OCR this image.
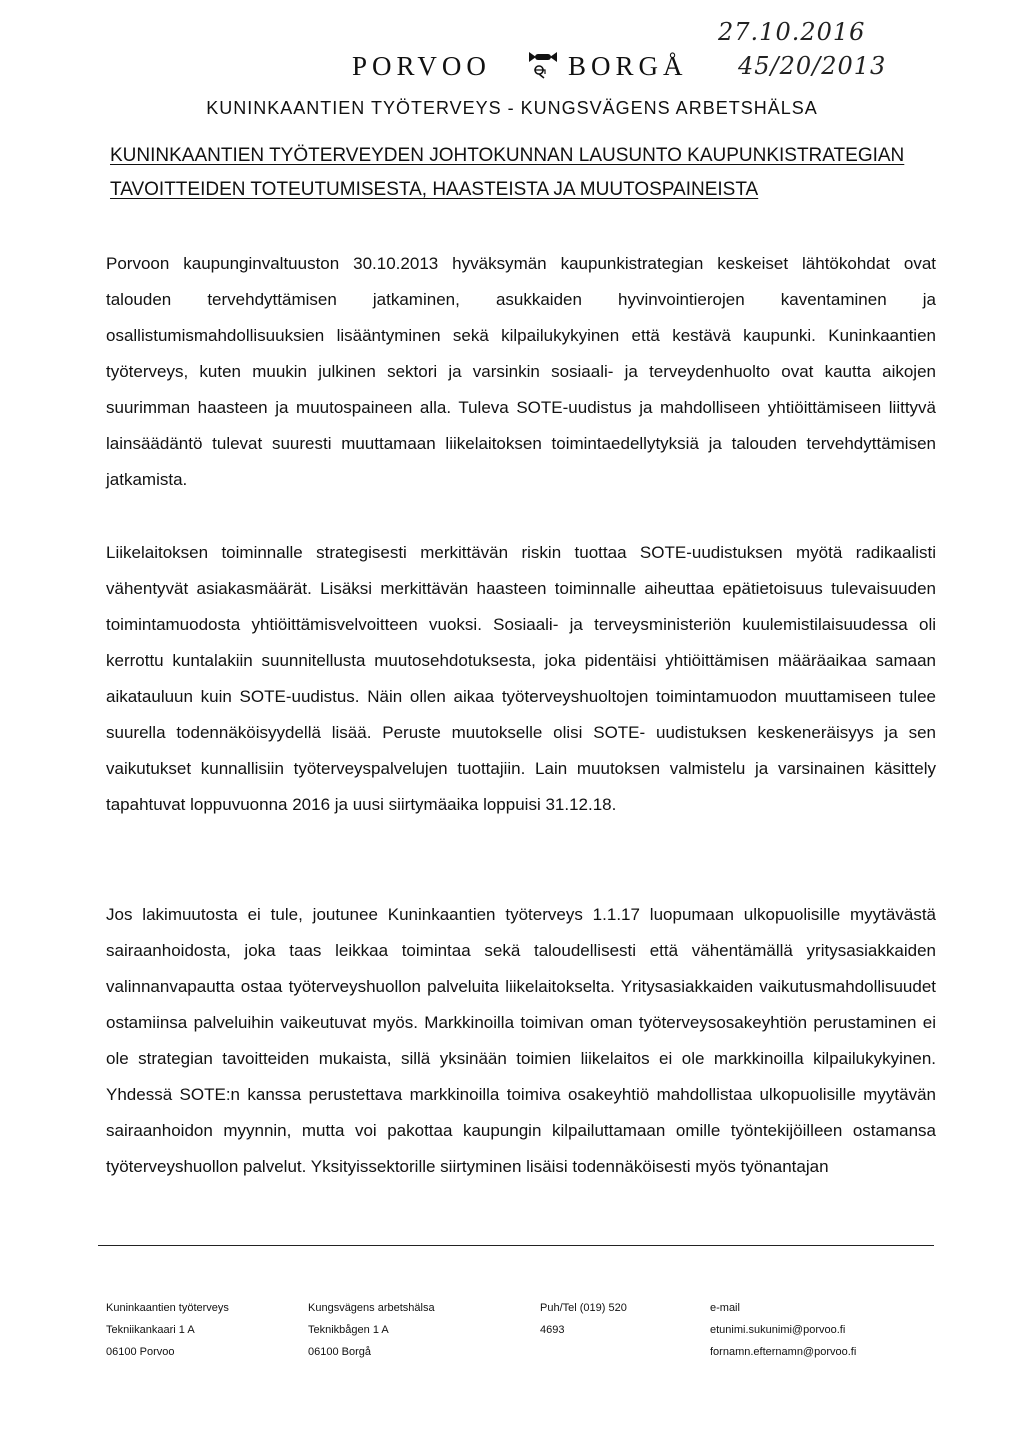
27.10.2016
45/20/2013
PORVOO	BORGÅ
KUNINKAANTIEN TYÖTERVEYS - KUNGSVÄGENS ARBETSHÄLSA
KUNINKAANTIEN TYÖTERVEYDEN JOHTOKUNNAN LAUSUNTO KAUPUNKISTRATEGIAN
TAVOITTEIDEN TOTEUTUMISESTA, HAASTEISTA JA MUUTOSPAINEISTA
Porvoon kaupunginvaltuuston 30.10.2013 hyväksymän kaupunkistrategian keskeiset lähtökohdat ovat talouden tervehdyttämisen jatkaminen, asukkaiden hyvinvointierojen kaventaminen ja osallistumismahdollisuuksien lisääntyminen sekä kilpailukykyinen että kestävä kaupunki. Kuninkaantien työterveys, kuten muukin julkinen sektori ja varsinkin sosiaali- ja terveydenhuolto ovat kautta aikojen suurimman haasteen ja muutospaineen alla. Tuleva SOTE-uudistus ja mahdolliseen yhtiöittämiseen liittyvä lainsäädäntö tulevat suuresti muuttamaan liikelaitoksen toimintaedellytyksiä ja talouden tervehdyttämisen jatkamista.
Liikelaitoksen toiminnalle strategisesti merkittävän riskin tuottaa SOTE-uudistuksen myötä radikaalisti vähentyvät asiakasmäärät. Lisäksi merkittävän haasteen toiminnalle aiheuttaa epätietoisuus tulevaisuuden toimintamuodosta yhtiöittämisvelvoitteen vuoksi. Sosiaali- ja terveysministeriön kuulemistilaisuudessa oli kerrottu kuntalakiin suunnitellusta muutosehdotuksesta, joka pidentäisi yhtiöittämisen määräaikaa samaan aikatauluun kuin SOTE-uudistus. Näin ollen aikaa työterveyshuoltojen toimintamuodon muuttamiseen tulee suurella todennäköisyydellä lisää. Peruste muutokselle olisi SOTE- uudistuksen keskeneräisyys ja sen vaikutukset kunnallisiin työterveyspalvelujen tuottajiin. Lain muutoksen valmistelu ja varsinainen käsittely tapahtuvat loppuvuonna 2016 ja uusi siirtymäaika loppuisi 31.12.18.
Jos lakimuutosta ei tule, joutunee Kuninkaantien työterveys 1.1.17 luopumaan ulkopuolisille myytävästä sairaanhoidosta, joka taas leikkaa toimintaa sekä taloudellisesti että vähentämällä yritysasiakkaiden valinnanvapautta ostaa työterveyshuollon palveluita liikelaitokselta. Yritysasiakkaiden vaikutusmahdollisuudet ostamiinsa palveluihin vaikeutuvat myös. Markkinoilla toimivan oman työterveysosakeyhtiön perustaminen ei ole strategian tavoitteiden mukaista, sillä yksinään toimien liikelaitos ei ole markkinoilla kilpailukykyinen. Yhdessä SOTE:n kanssa perustettava markkinoilla toimiva osakeyhtiö mahdollistaa ulkopuolisille myytävän sairaanhoidon myynnin, mutta voi pakottaa kaupungin kilpailuttamaan omille työntekijöilleen ostamansa työterveyshuollon palvelut. Yksityissektorille siirtyminen lisäisi todennäköisesti myös työnantajan
Kuninkaantien työterveys
Tekniikankaari 1 A
06100 Porvoo
Kungsvägens arbetshälsa
Teknikbågen 1 A
06100 Borgå
Puh/Tel (019) 520
4693
e-mail
etunimi.sukunimi@porvoo.fi
fornamn.efternamn@porvoo.fi
